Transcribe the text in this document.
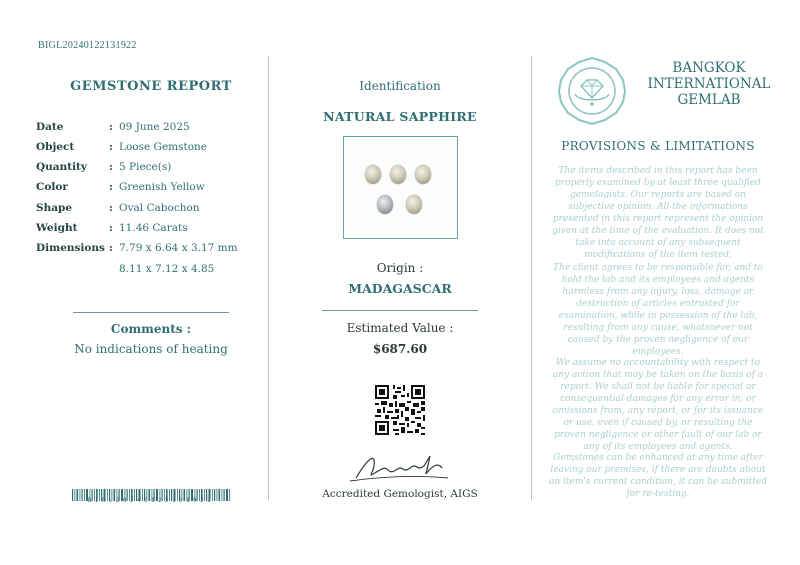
BIGL20240122131922
GEMSTONE REPORT
Date	: 09 June 2025
Object	: Loose Gemstone
Quantity : 5 Piece(s)
Color	: Greenish Yellow
Shape	: Oval Cabochon
Weight	: 11.46 Carats
Dimensions : 7.79 x 6.64 x 3.17 mm
8.11 x 7.12 x 4.85
Comments :
No indications of heating
BIGL20240122131922
Identification
NATURAL SAPPHIRE
Origin :
MADAGASCAR
Estimated Value :
$687.60
Accredited Gemologist, AIGS
BANGKOK
INTERNATIONAL
GEMLAB
PROVISIONS & LIMITATIONS
The items described in this report has been properly examined by at least three qualified gemologists. Our reports are based on subjective opinion. All the informations presented in this report represent the opinion given at the time of the evaluation. It does not take into account of any subsequent modifications of the item tested.
The client agrees to be responsible for, and to hold the lab and its employees and agents harmless from any injury, loss, damage or destruction of articles entrusted for examination, while in possession of the lab, resulting from any cause, whatsoever not caused by the proven negligence of our employees.
We assume no accountability with respect to any action that may be taken on the basis of a report. We shall not be liable for special or consequential damages for any error in, or omissions from, any report, or for its issuance or use, even if caused by, or resulting the proven negligence or other fault of our lab or any of its employees and agents.
Gemstones can be enhanced at any time after leaving our premises, if there are doubts about an item's current condition, it can be submitted for re-testing.
